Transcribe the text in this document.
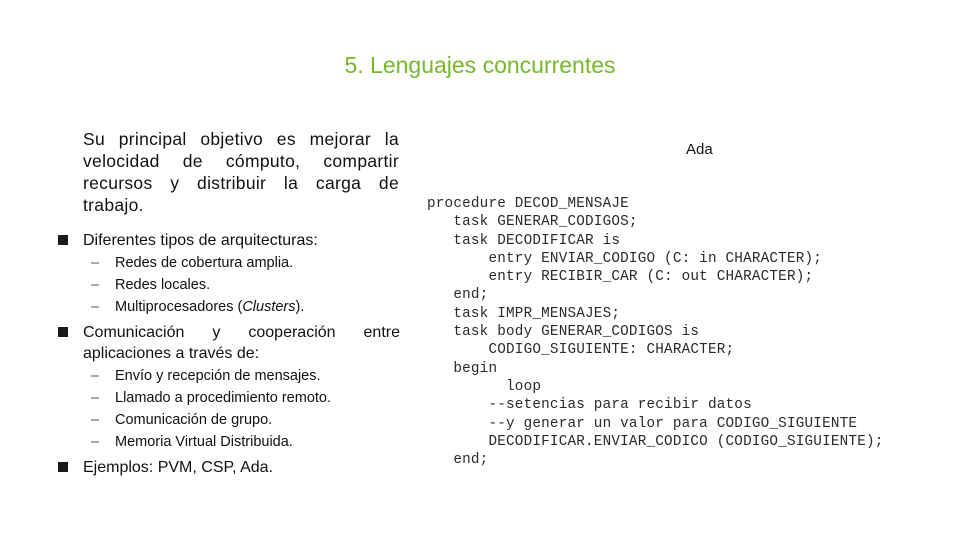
5. Lenguajes concurrentes
Su principal objetivo es mejorar la velocidad de cómputo, compartir recursos y distribuir la carga de trabajo.
Diferentes tipos de arquitecturas:
– Redes de cobertura amplia.
– Redes locales.
– Multiprocesadores (Clusters).
Comunicación y cooperación entre aplicaciones a través de:
– Envío y recepción de mensajes.
– Llamado a procedimiento remoto.
– Comunicación de grupo.
– Memoria Virtual Distribuida.
Ejemplos: PVM, CSP, Ada.
Ada
procedure DECOD_MENSAJE
task GENERAR_CODIGOS;
task DECODIFICAR is
entry ENVIAR_CODIGO (C: in CHARACTER);
entry RECIBIR_CAR (C: out CHARACTER);
end;
task IMPR_MENSAJES;
task body GENERAR_CODIGOS is
CODIGO_SIGUIENTE: CHARACTER;
begin
loop
--setencias para recibir datos
--y generar un valor para CODIGO_SIGUIENTE
DECODIFICAR.ENVIAR_CODICO (CODIGO_SIGUIENTE);
end;
